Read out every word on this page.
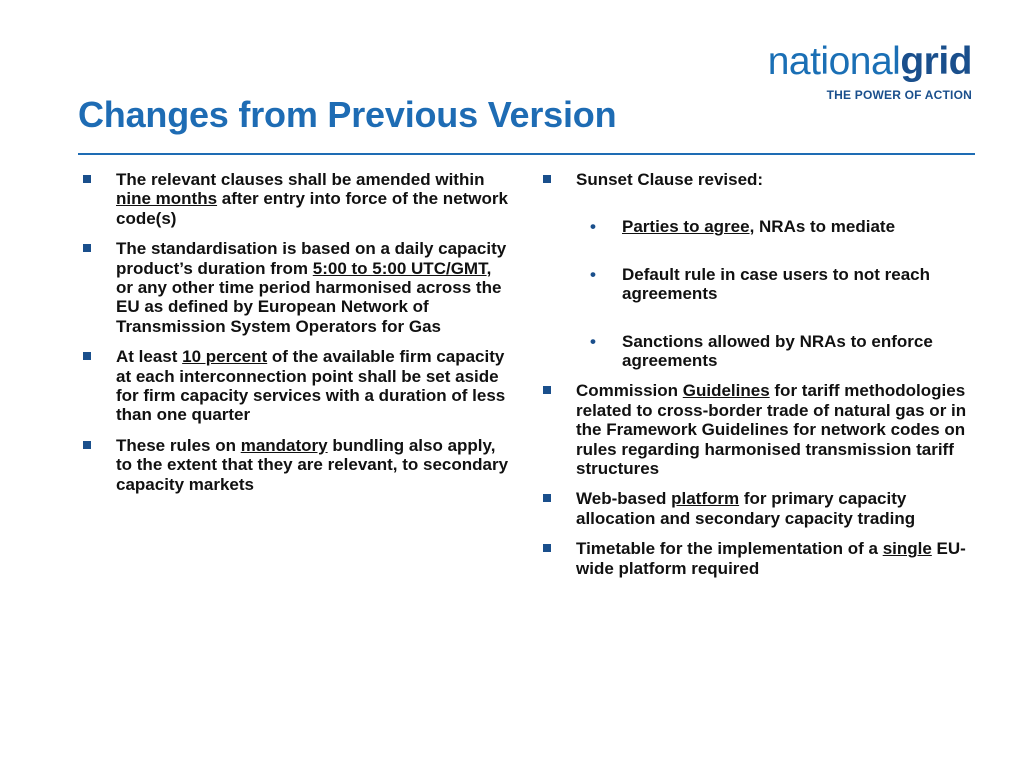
nationalgrid
THE POWER OF ACTION
Changes from Previous Version
The relevant clauses shall be amended within nine months after entry into force of the network code(s)
The standardisation is based on a daily capacity product’s duration from 5:00 to 5:00 UTC/GMT, or any other time period harmonised across the EU as defined by European Network of Transmission System Operators for Gas
At least 10 percent of the available firm capacity at each interconnection point shall be set aside for firm capacity services with a duration of less than one quarter
These rules on mandatory bundling also apply, to the extent that they are relevant, to secondary capacity markets
Sunset Clause revised:
• Parties to agree, NRAs to mediate
• Default rule in case users to not reach agreements
• Sanctions allowed by NRAs to enforce agreements
Commission Guidelines for tariff methodologies related to cross-border trade of natural gas or in the Framework Guidelines for network codes on rules regarding harmonised transmission tariff structures
Web-based platform for primary capacity allocation and secondary capacity trading
Timetable for the implementation of a single EU-wide platform required
